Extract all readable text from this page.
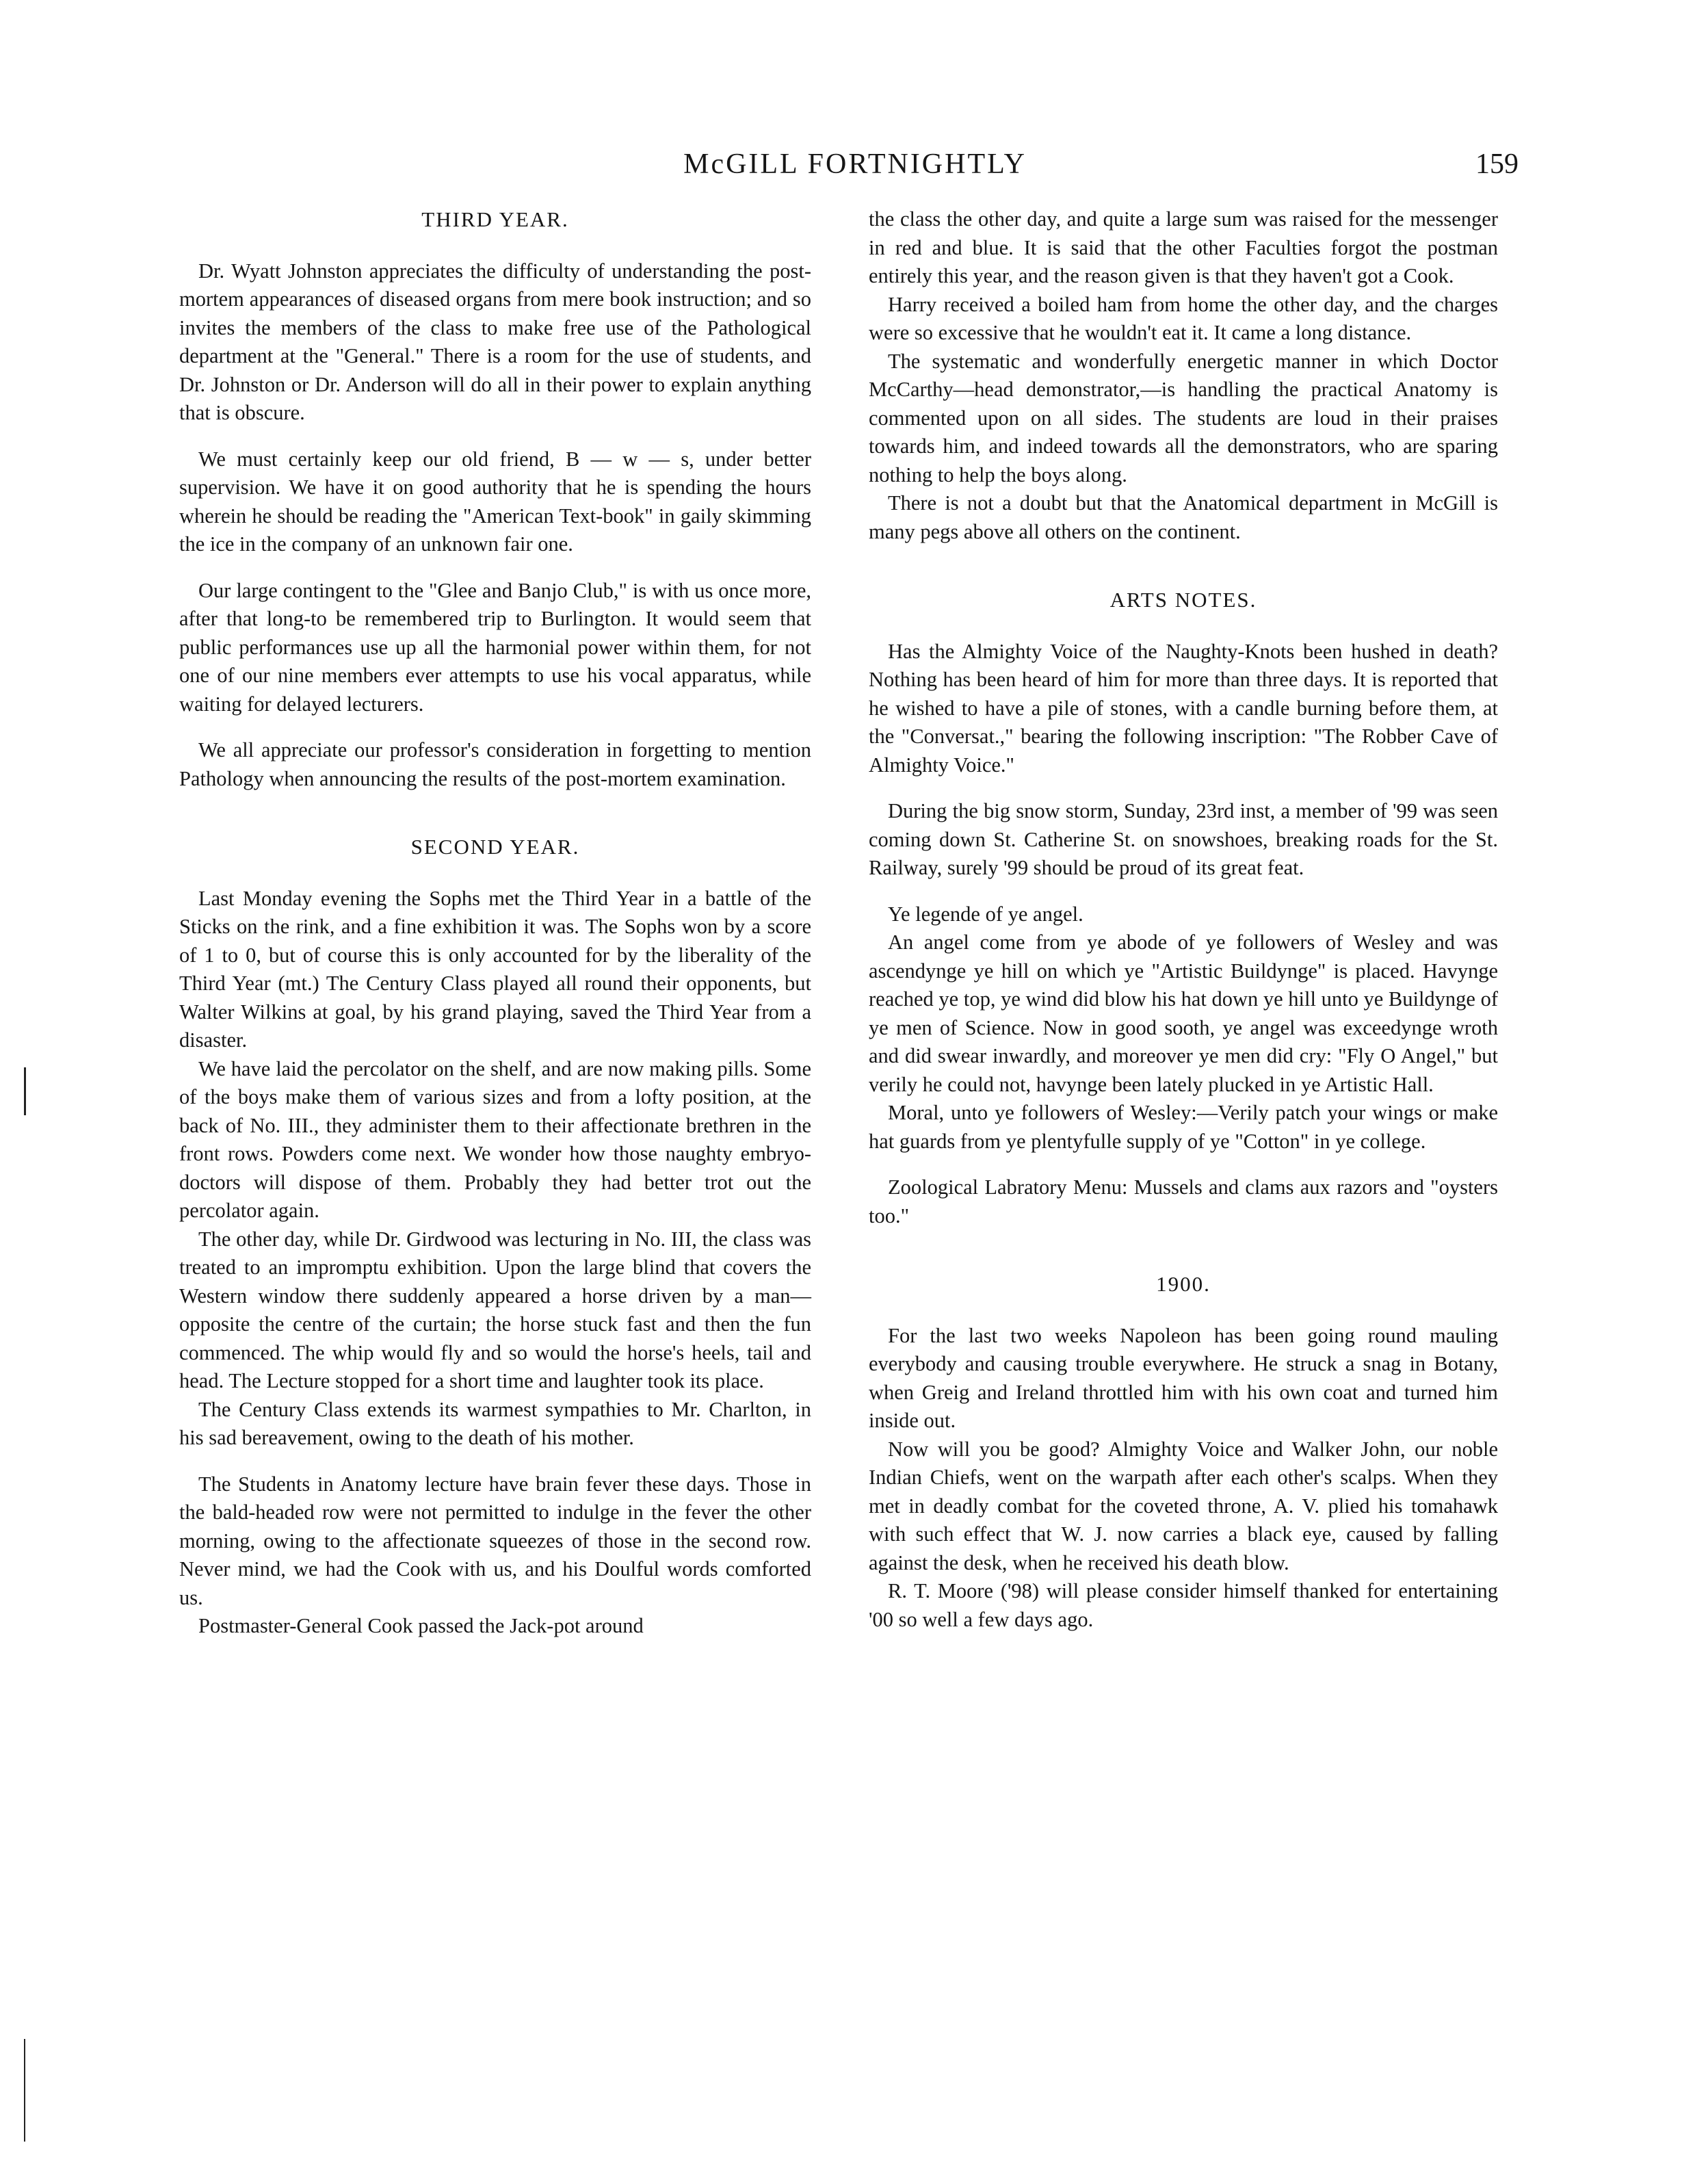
McGILL FORTNIGHTLY	159
THIRD YEAR.

Dr. Wyatt Johnston appreciates the difficulty of understanding the post-mortem appearances of diseased organs from mere book instruction; and so invites the members of the class to make free use of the Pathological department at the "General." There is a room for the use of students, and Dr. Johnston or Dr. Anderson will do all in their power to explain anything that is obscure.

We must certainly keep our old friend, B — w — s, under better supervision. We have it on good authority that he is spending the hours wherein he should be reading the "American Text-book" in gaily skimming the ice in the company of an unknown fair one.

Our large contingent to the "Glee and Banjo Club," is with us once more, after that long-to be remembered trip to Burlington. It would seem that public performances use up all the harmonial power within them, for not one of our nine members ever attempts to use his vocal apparatus, while waiting for delayed lecturers.

We all appreciate our professor's consideration in forgetting to mention Pathology when announcing the results of the post-mortem examination.

SECOND YEAR.

Last Monday evening the Sophs met the Third Year in a battle of the Sticks on the rink, and a fine exhibition it was. The Sophs won by a score of 1 to 0, but of course this is only accounted for by the liberality of the Third Year (mt.) The Century Class played all round their opponents, but Walter Wilkins at goal, by his grand playing, saved the Third Year from a disaster.

We have laid the percolator on the shelf, and are now making pills. Some of the boys make them of various sizes and from a lofty position, at the back of No. III., they administer them to their affectionate brethren in the front rows. Powders come next. We wonder how those naughty embryo-doctors will dispose of them. Probably they had better trot out the percolator again.

The other day, while Dr. Girdwood was lecturing in No. III, the class was treated to an impromptu exhibition. Upon the large blind that covers the Western window there suddenly appeared a horse driven by a man—opposite the centre of the curtain; the horse stuck fast and then the fun commenced. The whip would fly and so would the horse's heels, tail and head. The Lecture stopped for a short time and laughter took its place.

The Century Class extends its warmest sympathies to Mr. Charlton, in his sad bereavement, owing to the death of his mother.

The Students in Anatomy lecture have brain fever these days. Those in the bald-headed row were not permitted to indulge in the fever the other morning, owing to the affectionate squeezes of those in the second row. Never mind, we had the Cook with us, and his Doulful words comforted us.

Postmaster-General Cook passed the Jack-pot around

the class the other day, and quite a large sum was raised for the messenger in red and blue. It is said that the other Faculties forgot the postman entirely this year, and the reason given is that they haven't got a Cook.

Harry received a boiled ham from home the other day, and the charges were so excessive that he wouldn't eat it. It came a long distance.

The systematic and wonderfully energetic manner in which Doctor McCarthy—head demonstrator,—is handling the practical Anatomy is commented upon on all sides. The students are loud in their praises towards him, and indeed towards all the demonstrators, who are sparing nothing to help the boys along.

There is not a doubt but that the Anatomical department in McGill is many pegs above all others on the continent.

ARTS NOTES.

Has the Almighty Voice of the Naughty-Knots been hushed in death? Nothing has been heard of him for more than three days. It is reported that he wished to have a pile of stones, with a candle burning before them, at the "Conversat.," bearing the following inscription: "The Robber Cave of Almighty Voice."

During the big snow storm, Sunday, 23rd inst, a member of '99 was seen coming down St. Catherine St. on snowshoes, breaking roads for the St. Railway, surely '99 should be proud of its great feat.

Ye legende of ye angel.

An angel come from ye abode of ye followers of Wesley and was ascendynge ye hill on which ye "Artistic Buildynge" is placed. Havynge reached ye top, ye wind did blow his hat down ye hill unto ye Buildynge of ye men of Science. Now in good sooth, ye angel was exceedynge wroth and did swear inwardly, and moreover ye men did cry: "Fly O Angel," but verily he could not, havynge been lately plucked in ye Artistic Hall.

Moral, unto ye followers of Wesley:—Verily patch your wings or make hat guards from ye plentyfulle supply of ye "Cotton" in ye college.

Zoological Labratory Menu: Mussels and clams aux razors and "oysters too."

1900.

For the last two weeks Napoleon has been going round mauling everybody and causing trouble everywhere. He struck a snag in Botany, when Greig and Ireland throttled him with his own coat and turned him inside out.

Now will you be good? Almighty Voice and Walker John, our noble Indian Chiefs, went on the warpath after each other's scalps. When they met in deadly combat for the coveted throne, A. V. plied his tomahawk with such effect that W. J. now carries a black eye, caused by falling against the desk, when he received his death blow.

R. T. Moore ('98) will please consider himself thanked for entertaining '00 so well a few days ago.
